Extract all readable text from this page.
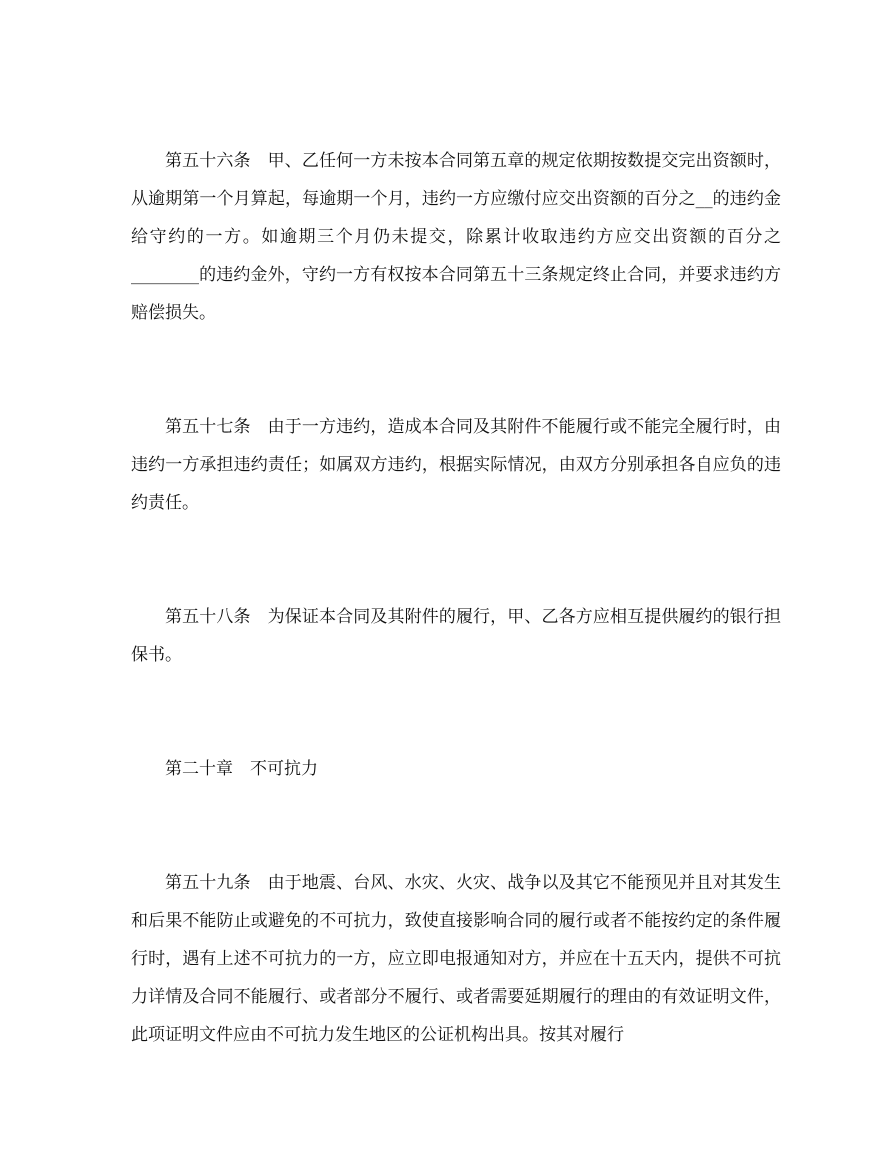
第五十六条　甲、乙任何一方未按本合同第五章的规定依期按数提交完出资额时，从逾期第一个月算起，每逾期一个月，违约一方应缴付应交出资额的百分之__的违约金给守约的一方。如逾期三个月仍未提交，除累计收取违约方应交出资额的百分之________的违约金外，守约一方有权按本合同第五十三条规定终止合同，并要求违约方赔偿损失。

第五十七条　由于一方违约，造成本合同及其附件不能履行或不能完全履行时，由违约一方承担违约责任；如属双方违约，根据实际情况，由双方分别承担各自应负的违约责任。

第五十八条　为保证本合同及其附件的履行，甲、乙各方应相互提供履约的银行担保书。

第二十章　不可抗力

第五十九条　由于地震、台风、水灾、火灾、战争以及其它不能预见并且对其发生和后果不能防止或避免的不可抗力，致使直接影响合同的履行或者不能按约定的条件履行时，遇有上述不可抗力的一方，应立即电报通知对方，并应在十五天内，提供不可抗力详情及合同不能履行、或者部分不履行、或者需要延期履行的理由的有效证明文件，此项证明文件应由不可抗力发生地区的公证机构出具。按其对履行
